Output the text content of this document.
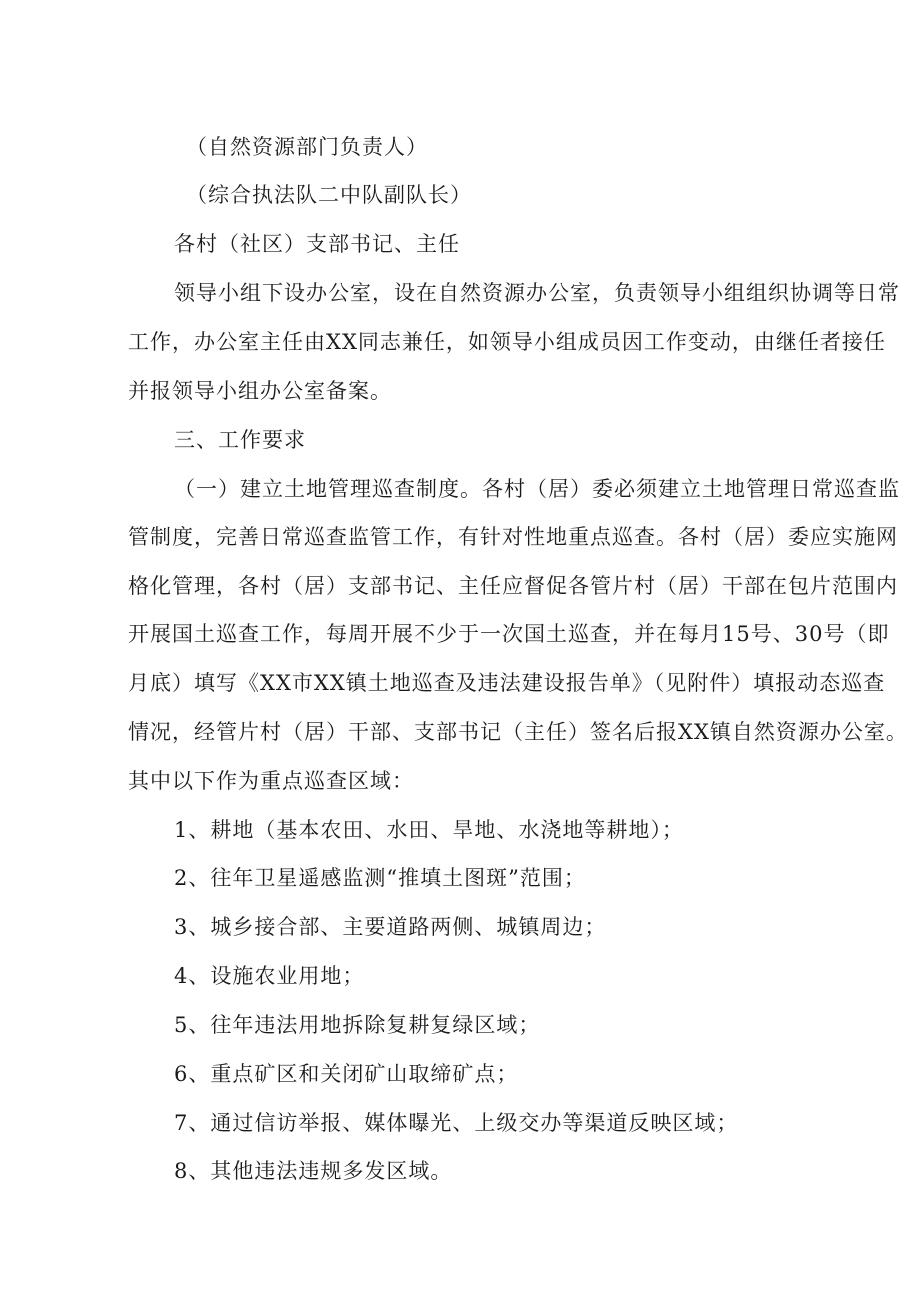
（自然资源部门负责人）
（综合执法队二中队副队长）
各村（社区）支部书记、主任
领导小组下设办公室，设在自然资源办公室，负责领导小组组织协调等日常
工作，办公室主任由XX同志兼任，如领导小组成员因工作变动，由继任者接任
并报领导小组办公室备案。
三、工作要求
（一）建立土地管理巡查制度。各村（居）委必须建立土地管理日常巡查监
管制度，完善日常巡查监管工作，有针对性地重点巡查。各村（居）委应实施网
格化管理，各村（居）支部书记、主任应督促各管片村（居）干部在包片范围内
开展国土巡查工作，每周开展不少于一次国土巡查，并在每月15号、30号（即
月底）填写《XX市XX镇土地巡查及违法建设报告单》（见附件）填报动态巡查
情况，经管片村（居）干部、支部书记（主任）签名后报XX镇自然资源办公室。
其中以下作为重点巡查区域：
1、耕地（基本农田、水田、旱地、水浇地等耕地）；
2、往年卫星遥感监测“推填土图斑”范围；
3、城乡接合部、主要道路两侧、城镇周边；
4、设施农业用地；
5、往年违法用地拆除复耕复绿区域；
6、重点矿区和关闭矿山取缔矿点；
7、通过信访举报、媒体曝光、上级交办等渠道反映区域；
8、其他违法违规多发区域。
